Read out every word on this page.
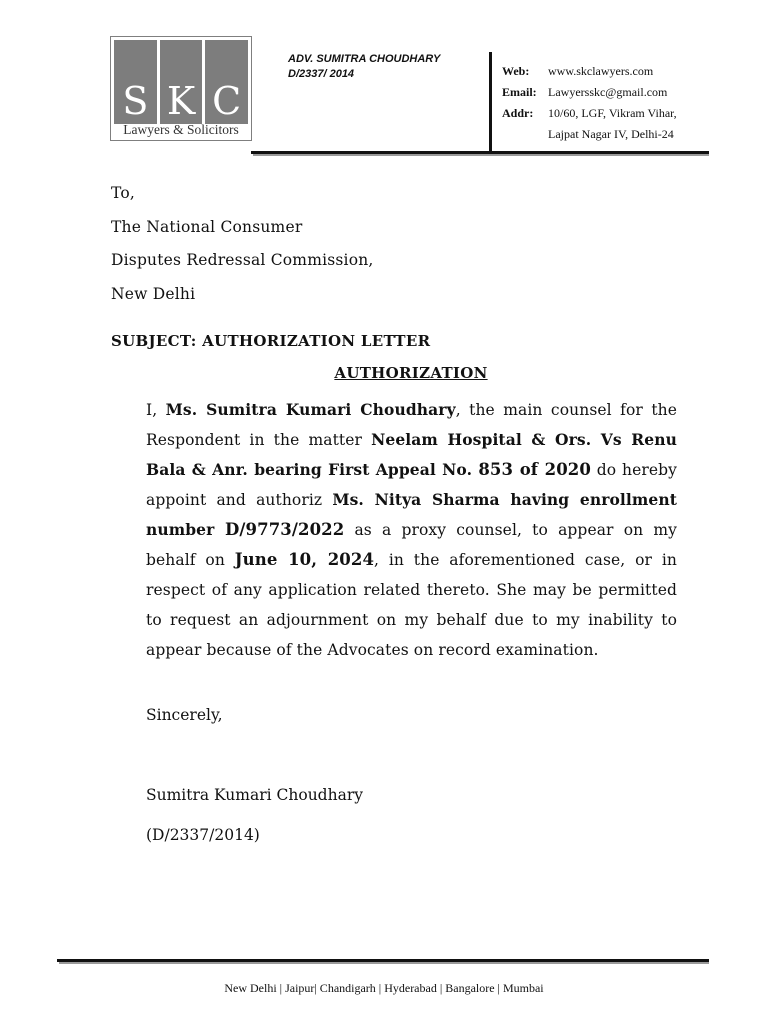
S K C
Lawyers & Solicitors
ADV. SUMITRA CHOUDHARY
D/2337/ 2014	Web:	www.skclawyers.com
Email: Lawyersskс@gmail.com
Addr:	10/60, LGF, Vikram Vihar,
Lajpat Nagar IV, Delhi-24
To,
The National Consumer
Disputes Redressal Commission,
New Delhi
SUBJECT: AUTHORIZATION LETTER
AUTHORIZATION
I, Ms. Sumitra Kumari Choudhary, the main counsel for the Respondent in the matter Neelam Hospital & Ors. Vs Renu Bala & Anr. bearing First Appeal No. 853 of 2020 do hereby appoint and authoriz Ms. Nitya Sharma having enrollment number D/9773/2022 as a proxy counsel, to appear on my behalf on June 10, 2024, in the aforementioned case, or in respect of any application related thereto. She may be permitted to request an adjournment on my behalf due to my inability to appear because of the Advocates on record examination.
Sincerely,
Sumitra Kumari Choudhary
(D/2337/2014)
New Delhi | Jaipur| Chandigarh | Hyderabad | Bangalore | Mumbai
